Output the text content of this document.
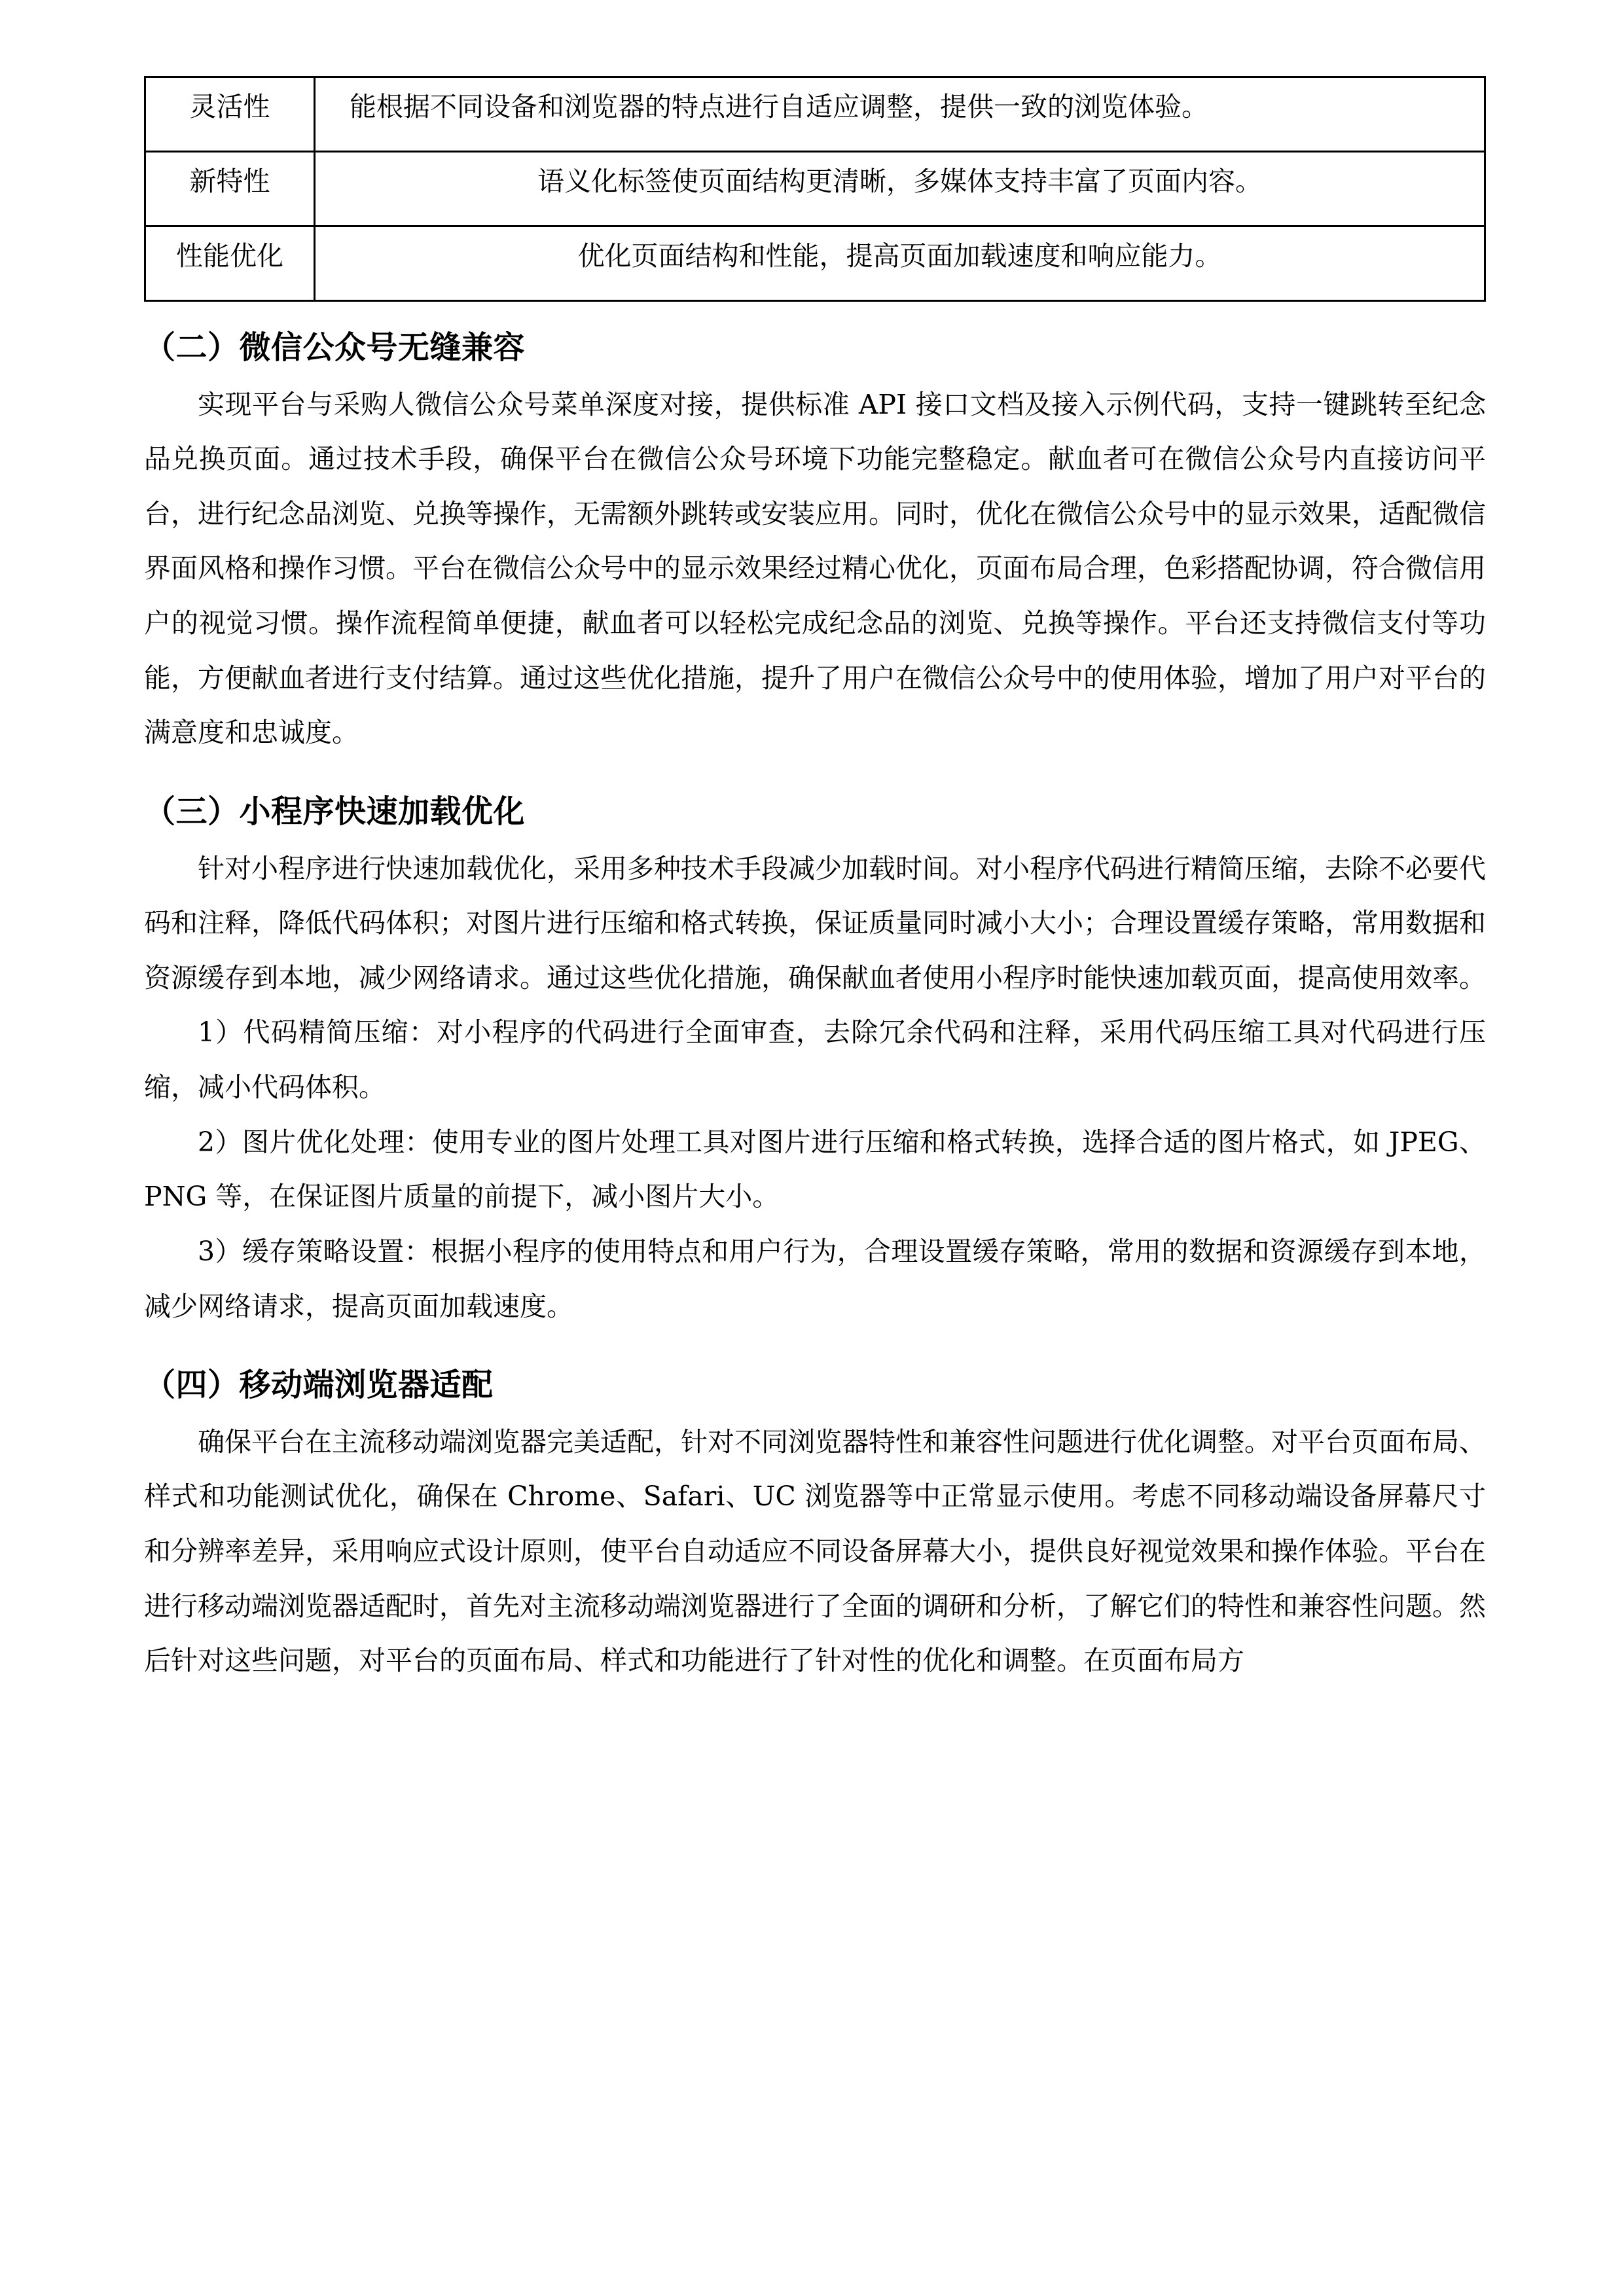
灵活性	能根据不同设备和浏览器的特点进行自适应调整，提供一致的浏览体验。
新特性	语义化标签使页面结构更清晰，多媒体支持丰富了页面内容。
性能优化	优化页面结构和性能，提高页面加载速度和响应能力。
（二）微信公众号无缝兼容

实现平台与采购人微信公众号菜单深度对接，提供标准 API 接口文档及接入示例代码，支持一键跳转至纪念品兑换页面。通过技术手段，确保平台在微信公众号环境下功能完整稳定。献血者可在微信公众号内直接访问平台，进行纪念品浏览、兑换等操作，无需额外跳转或安装应用。同时，优化在微信公众号中的显示效果，适配微信界面风格和操作习惯。平台在微信公众号中的显示效果经过精心优化，页面布局合理，色彩搭配协调，符合微信用户的视觉习惯。操作流程简单便捷，献血者可以轻松完成纪念品的浏览、兑换等操作。平台还支持微信支付等功能，方便献血者进行支付结算。通过这些优化措施，提升了用户在微信公众号中的使用体验，增加了用户对平台的满意度和忠诚度。

（三）小程序快速加载优化

针对小程序进行快速加载优化，采用多种技术手段减少加载时间。对小程序代码进行精简压缩，去除不必要代码和注释，降低代码体积；对图片进行压缩和格式转换，保证质量同时减小大小；合理设置缓存策略，常用数据和资源缓存到本地，减少网络请求。通过这些优化措施，确保献血者使用小程序时能快速加载页面，提高使用效率。

1）代码精简压缩：对小程序的代码进行全面审查，去除冗余代码和注释，采用代码压缩工具对代码进行压缩，减小代码体积。

2）图片优化处理：使用专业的图片处理工具对图片进行压缩和格式转换，选择合适的图片格式，如 JPEG、PNG 等，在保证图片质量的前提下，减小图片大小。

3）缓存策略设置：根据小程序的使用特点和用户行为，合理设置缓存策略，常用的数据和资源缓存到本地，减少网络请求，提高页面加载速度。

（四）移动端浏览器适配

确保平台在主流移动端浏览器完美适配，针对不同浏览器特性和兼容性问题进行优化调整。对平台页面布局、样式和功能测试优化，确保在 Chrome、Safari、UC 浏览器等中正常显示使用。考虑不同移动端设备屏幕尺寸和分辨率差异，采用响应式设计原则，使平台自动适应不同设备屏幕大小，提供良好视觉效果和操作体验。平台在进行移动端浏览器适配时，首先对主流移动端浏览器进行了全面的调研和分析，了解它们的特性和兼容性问题。然后针对这些问题，对平台的页面布局、样式和功能进行了针对性的优化和调整。在页面布局方
